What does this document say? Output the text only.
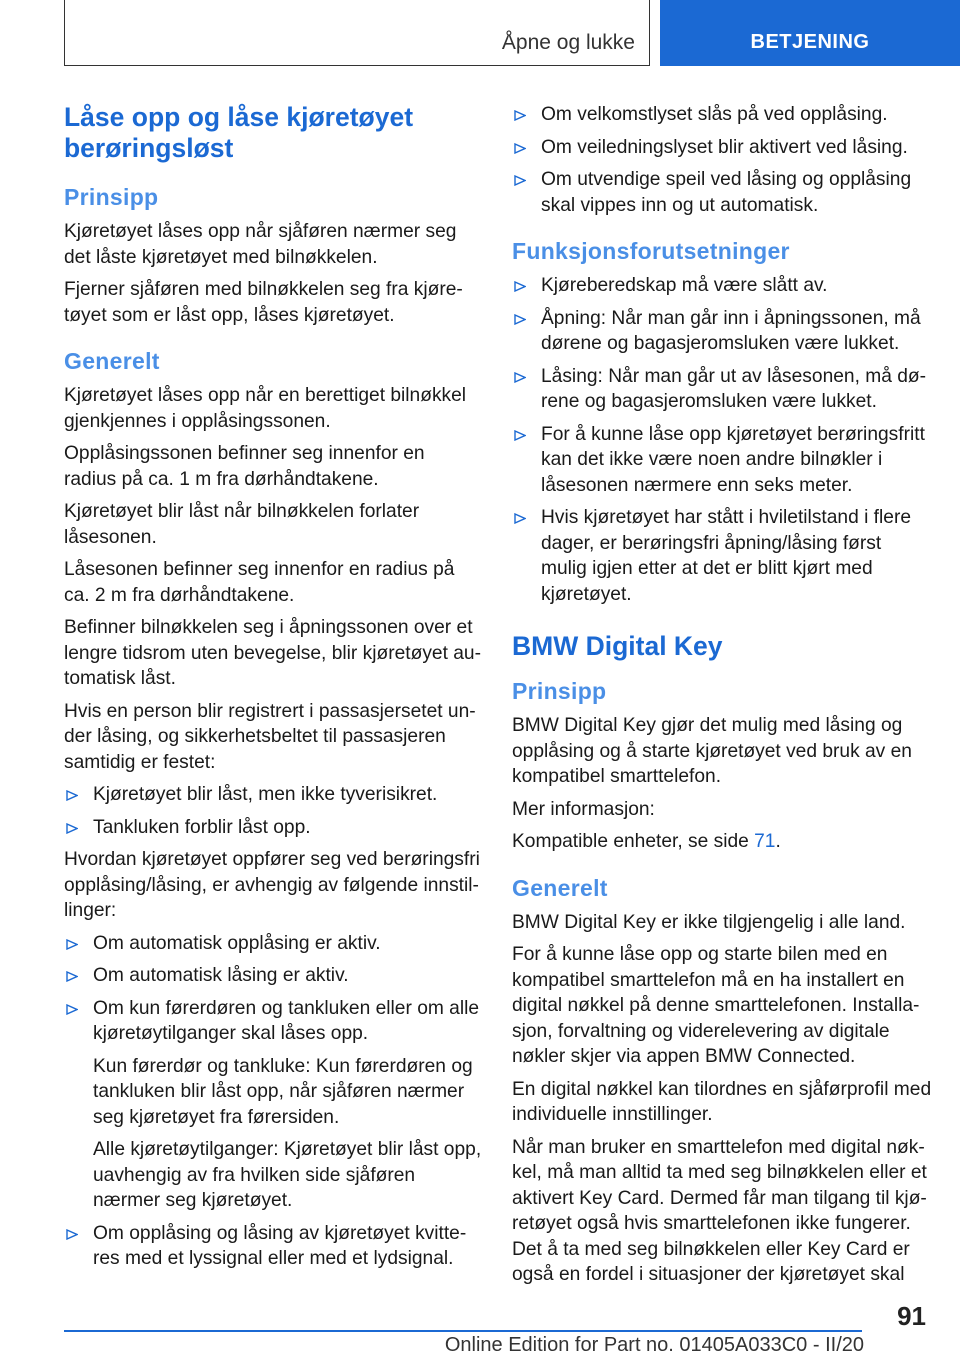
Åpne og lukke	BETJENING
Låse opp og låse kjøretøyet berøringsløst
Prinsipp

Kjøretøyet låses opp når sjåføren nærmer seg det låste kjøretøyet med bilnøkkelen.

Fjerner sjåføren med bilnøkkelen seg fra kjøretøyet som er låst opp, låses kjøretøyet.

Generelt

Kjøretøyet låses opp når en berettiget bilnøkkel gjenkjennes i opplåsingssonen.

Opplåsingssonen befinner seg innenfor en radius på ca. 1 m fra dørhåndtakene.

Kjøretøyet blir låst når bilnøkkelen forlater låsesonen.

Låsesonen befinner seg innenfor en radius på ca. 2 m fra dørhåndtakene.

Befinner bilnøkkelen seg i åpningssonen over et lengre tidsrom uten bevegelse, blir kjøretøyet automatisk låst.

Hvis en person blir registrert i passasjersetet under låsing, og sikkerhetsbeltet til passasjeren samtidig er festet:

Kjøretøyet blir låst, men ikke tyverisikret.
Tankluken forblir låst opp.

Hvordan kjøretøyet oppfører seg ved berøringsfri opplåsing/låsing, er avhengig av følgende innstillinger:

Om automatisk opplåsing er aktiv.
Om automatisk låsing er aktiv.
Om kun førerdøren og tankluken eller om alle kjøretøytilganger skal låses opp.

Kun førerdør og tankluke: Kun førerdøren og tankluken blir låst opp, når sjåføren nærmer seg kjøretøyet fra førersiden.

Alle kjøretøytilganger: Kjøretøyet blir låst opp, uavhengig av fra hvilken side sjåføren nærmer seg kjøretøyet.

Om opplåsing og låsing av kjøretøyet kvitteres med et lyssignal eller med et lydsignal.
Om velkomstlyset slås på ved opplåsing.
Om veiledningslyset blir aktivert ved låsing.
Om utvendige speil ved låsing og opplåsing skal vippes inn og ut automatisk.
Funksjonsforutsetninger
Kjøreberedskap må være slått av.
Åpning: Når man går inn i åpningssonen, må dørene og bagasjeromsluken være lukket.
Låsing: Når man går ut av låsesonen, må dørene og bagasjeromsluken være lukket.
For å kunne låse opp kjøretøyet berøringsfritt kan det ikke være noen andre bilnøkler i låsesonen nærmere enn seks meter.
Hvis kjøretøyet har stått i hviletilstand i flere dager, er berøringsfri åpning/låsing først mulig igjen etter at det er blitt kjørt med kjøretøyet.
BMW Digital Key
Prinsipp

BMW Digital Key gjør det mulig med låsing og opplåsing og å starte kjøretøyet ved bruk av en kompatibel smarttelefon.

Mer informasjon:

Kompatible enheter, se side 71.

Generelt

BMW Digital Key er ikke tilgjengelig i alle land.

For å kunne låse opp og starte bilen med en kompatibel smarttelefon må en ha installert en digital nøkkel på denne smarttelefonen. Installasjon, forvaltning og viderelevering av digitale nøkler skjer via appen BMW Connected.

En digital nøkkel kan tilordnes en sjåførprofil med individuelle innstillinger.

Når man bruker en smarttelefon med digital nøkkel, må man alltid ta med seg bilnøkkelen eller et aktivert Key Card. Dermed får man tilgang til kjøretøyet også hvis smarttelefonen ikke fungerer. Det å ta med seg bilnøkkelen eller Key Card er også en fordel i situasjoner der kjøretøyet skal

91
Online Edition for Part no. 01405A033C0 - II/20
